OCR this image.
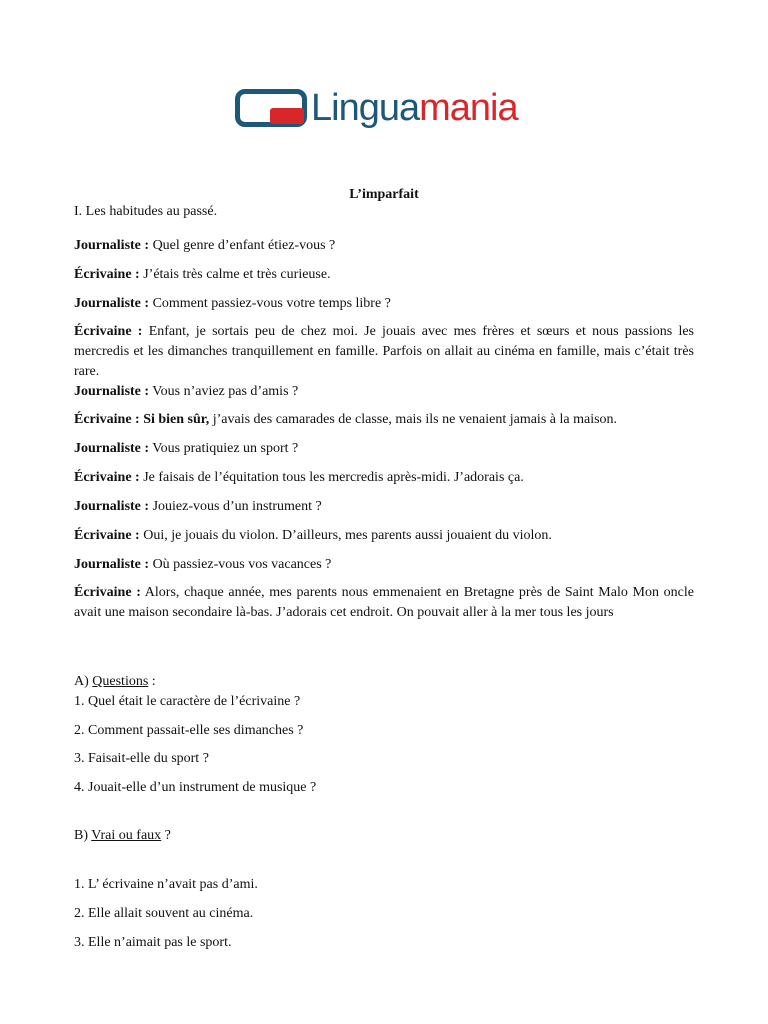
Linguamania
L’imparfait
I. Les habitudes au passé.
Journaliste : Quel genre d’enfant étiez-vous ?
Écrivaine : J’étais très calme et très curieuse.
Journaliste : Comment passiez-vous votre temps libre ?
Écrivaine : Enfant, je sortais peu de chez moi. Je jouais avec mes frères et sœurs et nous passions les mercredis et les dimanches tranquillement en famille. Parfois on allait au cinéma en famille, mais c’était très rare.
Journaliste : Vous n’aviez pas d’amis ?
Écrivaine : Si bien sûr, j’avais des camarades de classe, mais ils ne venaient jamais à la maison.
Journaliste : Vous pratiquiez un sport ?
Écrivaine : Je faisais de l’équitation tous les mercredis après-midi. J’adorais ça.
Journaliste : Jouiez-vous d’un instrument ?
Écrivaine : Oui, je jouais du violon. D’ailleurs, mes parents aussi jouaient du violon.
Journaliste : Où passiez-vous vos vacances ?
Écrivaine : Alors, chaque année, mes parents nous emmenaient en Bretagne près de Saint Malo Mon oncle avait une maison secondaire là-bas. J’adorais cet endroit. On pouvait aller à la mer tous les jours
A) Questions :
1. Quel était le caractère de l’écrivaine ?
2. Comment passait-elle ses dimanches ?
3. Faisait-elle du sport ?
4. Jouait-elle d’un instrument de musique ?
B) Vrai ou faux ?
1. L’ écrivaine n’avait pas d’ami.
2. Elle allait souvent au cinéma.
3. Elle n’aimait pas le sport.
